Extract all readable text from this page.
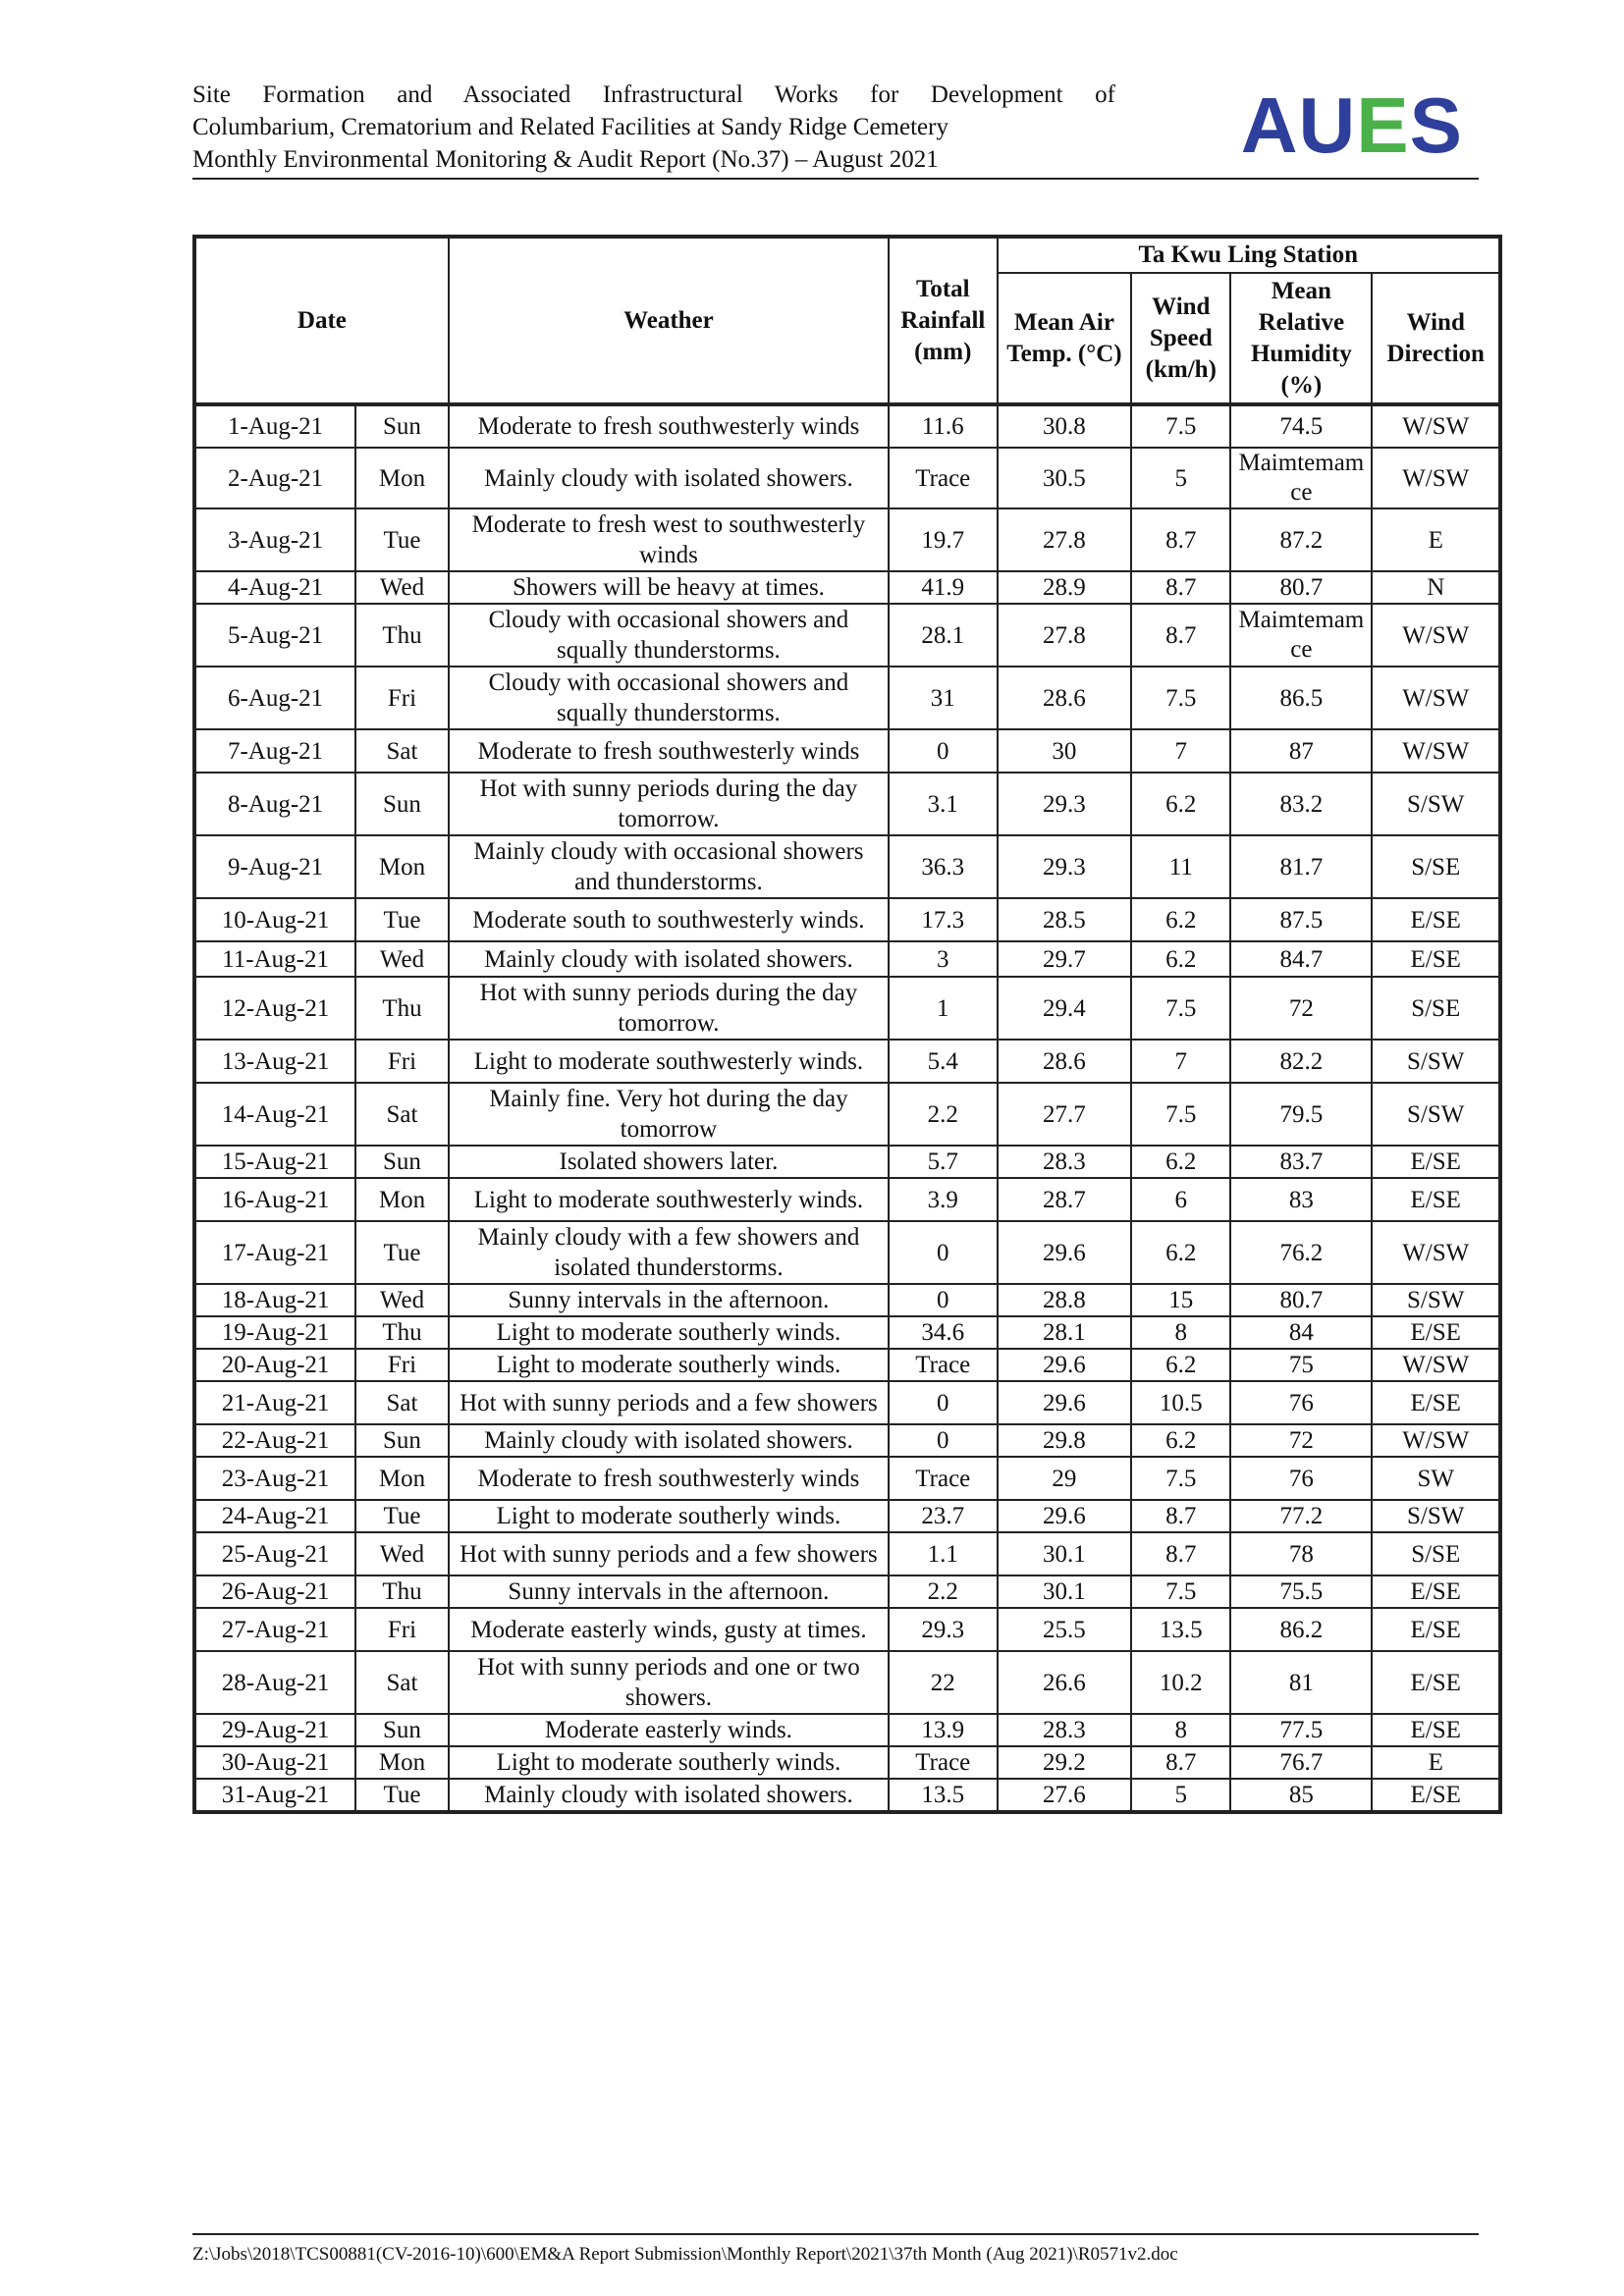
Site Formation and Associated Infrastructural Works for Development of
Columbarium, Crematorium and Related Facilities at Sandy Ridge Cemetery
Monthly Environmental Monitoring & Audit Report (No.37) – August 2021	AUES
Date		Weather	Total Rainfall (mm)	Ta Kwu Ling Station			
				Mean Air Temp. (°C)	Wind Speed (km/h)	Mean Relative Humidity (%)	Wind Direction
1-Aug-21	Sun	Moderate to fresh southwesterly winds	11.6	30.8	7.5	74.5	W/SW
2-Aug-21	Mon	Mainly cloudy with isolated showers.	Trace	30.5	5	Maimtemamce	W/SW
3-Aug-21	Tue	Moderate to fresh west to southwesterly winds	19.7	27.8	8.7	87.2	E
4-Aug-21	Wed	Showers will be heavy at times.	41.9	28.9	8.7	80.7	N
5-Aug-21	Thu	Cloudy with occasional showers and squally thunderstorms.	28.1	27.8	8.7	Maimtemamce	W/SW
6-Aug-21	Fri	Cloudy with occasional showers and squally thunderstorms.	31	28.6	7.5	86.5	W/SW
7-Aug-21	Sat	Moderate to fresh southwesterly winds	0	30	7	87	W/SW
8-Aug-21	Sun	Hot with sunny periods during the day tomorrow.	3.1	29.3	6.2	83.2	S/SW
9-Aug-21	Mon	Mainly cloudy with occasional showers and thunderstorms.	36.3	29.3	11	81.7	S/SE
10-Aug-21	Tue	Moderate south to southwesterly winds.	17.3	28.5	6.2	87.5	E/SE
11-Aug-21	Wed	Mainly cloudy with isolated showers.	3	29.7	6.2	84.7	E/SE
12-Aug-21	Thu	Hot with sunny periods during the day tomorrow.	1	29.4	7.5	72	S/SE
13-Aug-21	Fri	Light to moderate southwesterly winds.	5.4	28.6	7	82.2	S/SW
14-Aug-21	Sat	Mainly fine. Very hot during the day tomorrow	2.2	27.7	7.5	79.5	S/SW
15-Aug-21	Sun	Isolated showers later.	5.7	28.3	6.2	83.7	E/SE
16-Aug-21	Mon	Light to moderate southwesterly winds.	3.9	28.7	6	83	E/SE
17-Aug-21	Tue	Mainly cloudy with a few showers and isolated thunderstorms.	0	29.6	6.2	76.2	W/SW
18-Aug-21	Wed	Sunny intervals in the afternoon.	0	28.8	15	80.7	S/SW
19-Aug-21	Thu	Light to moderate southerly winds.	34.6	28.1	8	84	E/SE
20-Aug-21	Fri	Light to moderate southerly winds.	Trace	29.6	6.2	75	W/SW
21-Aug-21	Sat	Hot with sunny periods and a few showers	0	29.6	10.5	76	E/SE
22-Aug-21	Sun	Mainly cloudy with isolated showers.	0	29.8	6.2	72	W/SW
23-Aug-21	Mon	Moderate to fresh southwesterly winds	Trace	29	7.5	76	SW
24-Aug-21	Tue	Light to moderate southerly winds.	23.7	29.6	8.7	77.2	S/SW
25-Aug-21	Wed	Hot with sunny periods and a few showers	1.1	30.1	8.7	78	S/SE
26-Aug-21	Thu	Sunny intervals in the afternoon.	2.2	30.1	7.5	75.5	E/SE
27-Aug-21	Fri	Moderate easterly winds, gusty at times.	29.3	25.5	13.5	86.2	E/SE
28-Aug-21	Sat	Hot with sunny periods and one or two showers.	22	26.6	10.2	81	E/SE
29-Aug-21	Sun	Moderate easterly winds.	13.9	28.3	8	77.5	E/SE
30-Aug-21	Mon	Light to moderate southerly winds.	Trace	29.2	8.7	76.7	E
31-Aug-21	Tue	Mainly cloudy with isolated showers.	13.5	27.6	5	85	E/SE
Z:\Jobs\2018\TCS00881(CV-2016-10)\600\EM&A Report Submission\Monthly Report\2021\37th Month (Aug 2021)\R0571v2.doc
